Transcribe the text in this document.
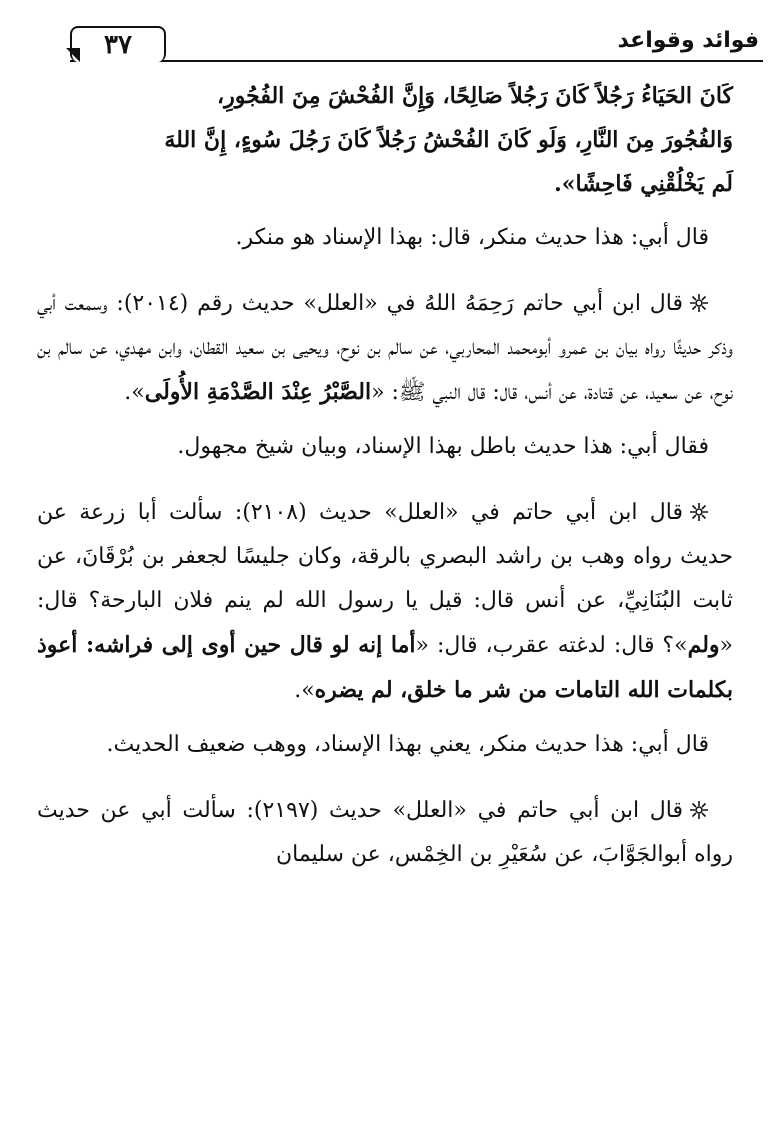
فوائد وقواعد
٣٧

كَانَ الحَيَاءُ رَجُلاً كَانَ رَجُلاً صَالِحًا، وَإِنَّ الفُحْشَ مِنَ الفُجُورِ،

وَالفُجُورَ مِنَ النَّارِ، وَلَو كَانَ الفُحْشُ رَجُلاً كَانَ رَجُلَ سُوءٍ، إِنَّ اللهَ

لَم يَخْلُقْنِي فَاحِشًا».

قال أبي: هذا حديث منكر، قال: بهذا الإسناد هو منكر.

قال ابن أبي حاتم رَحِمَهُ اللهُ في «العلل» حديث رقم (٢٠١٤): وسمعت أبي وذكر حديثًا رواه بيان بن عمرو أبومحمد المحاربي، عن سالم بن نوح، ويحيى بن سعيد القطان، وابن مهدي، عن سالم بن نوح، عن سعيد، عن قتادة، عن أنس، قال: قال النبي ﷺ: «الصَّبْرُ عِنْدَ الصَّدْمَةِ الأُولَى».

فقال أبي: هذا حديث باطل بهذا الإسناد، وبيان شيخ مجهول.

قال ابن أبي حاتم في «العلل» حديث (٢١٠٨): سألت أبا زرعة عن حديث رواه وهب بن راشد البصري بالرقة، وكان جليسًا لجعفر بن بُرْقَانَ، عن ثابت البُنَانِيِّ، عن أنس قال: قيل يا رسول الله لم ينم فلان البارحة؟ قال: «ولم»؟ قال: لدغته عقرب، قال: «أما إنه لو قال حين أوى إلى فراشه: أعوذ بكلمات الله التامات من شر ما خلق، لم يضره».

قال أبي: هذا حديث منكر، يعني بهذا الإسناد، ووهب ضعيف الحديث.

قال ابن أبي حاتم في «العلل» حديث (٢١٩٧): سألت أبي عن حديث رواه أبوالجَوَّابَ، عن سُعَيْرِ بن الخِمْس، عن سليمان
